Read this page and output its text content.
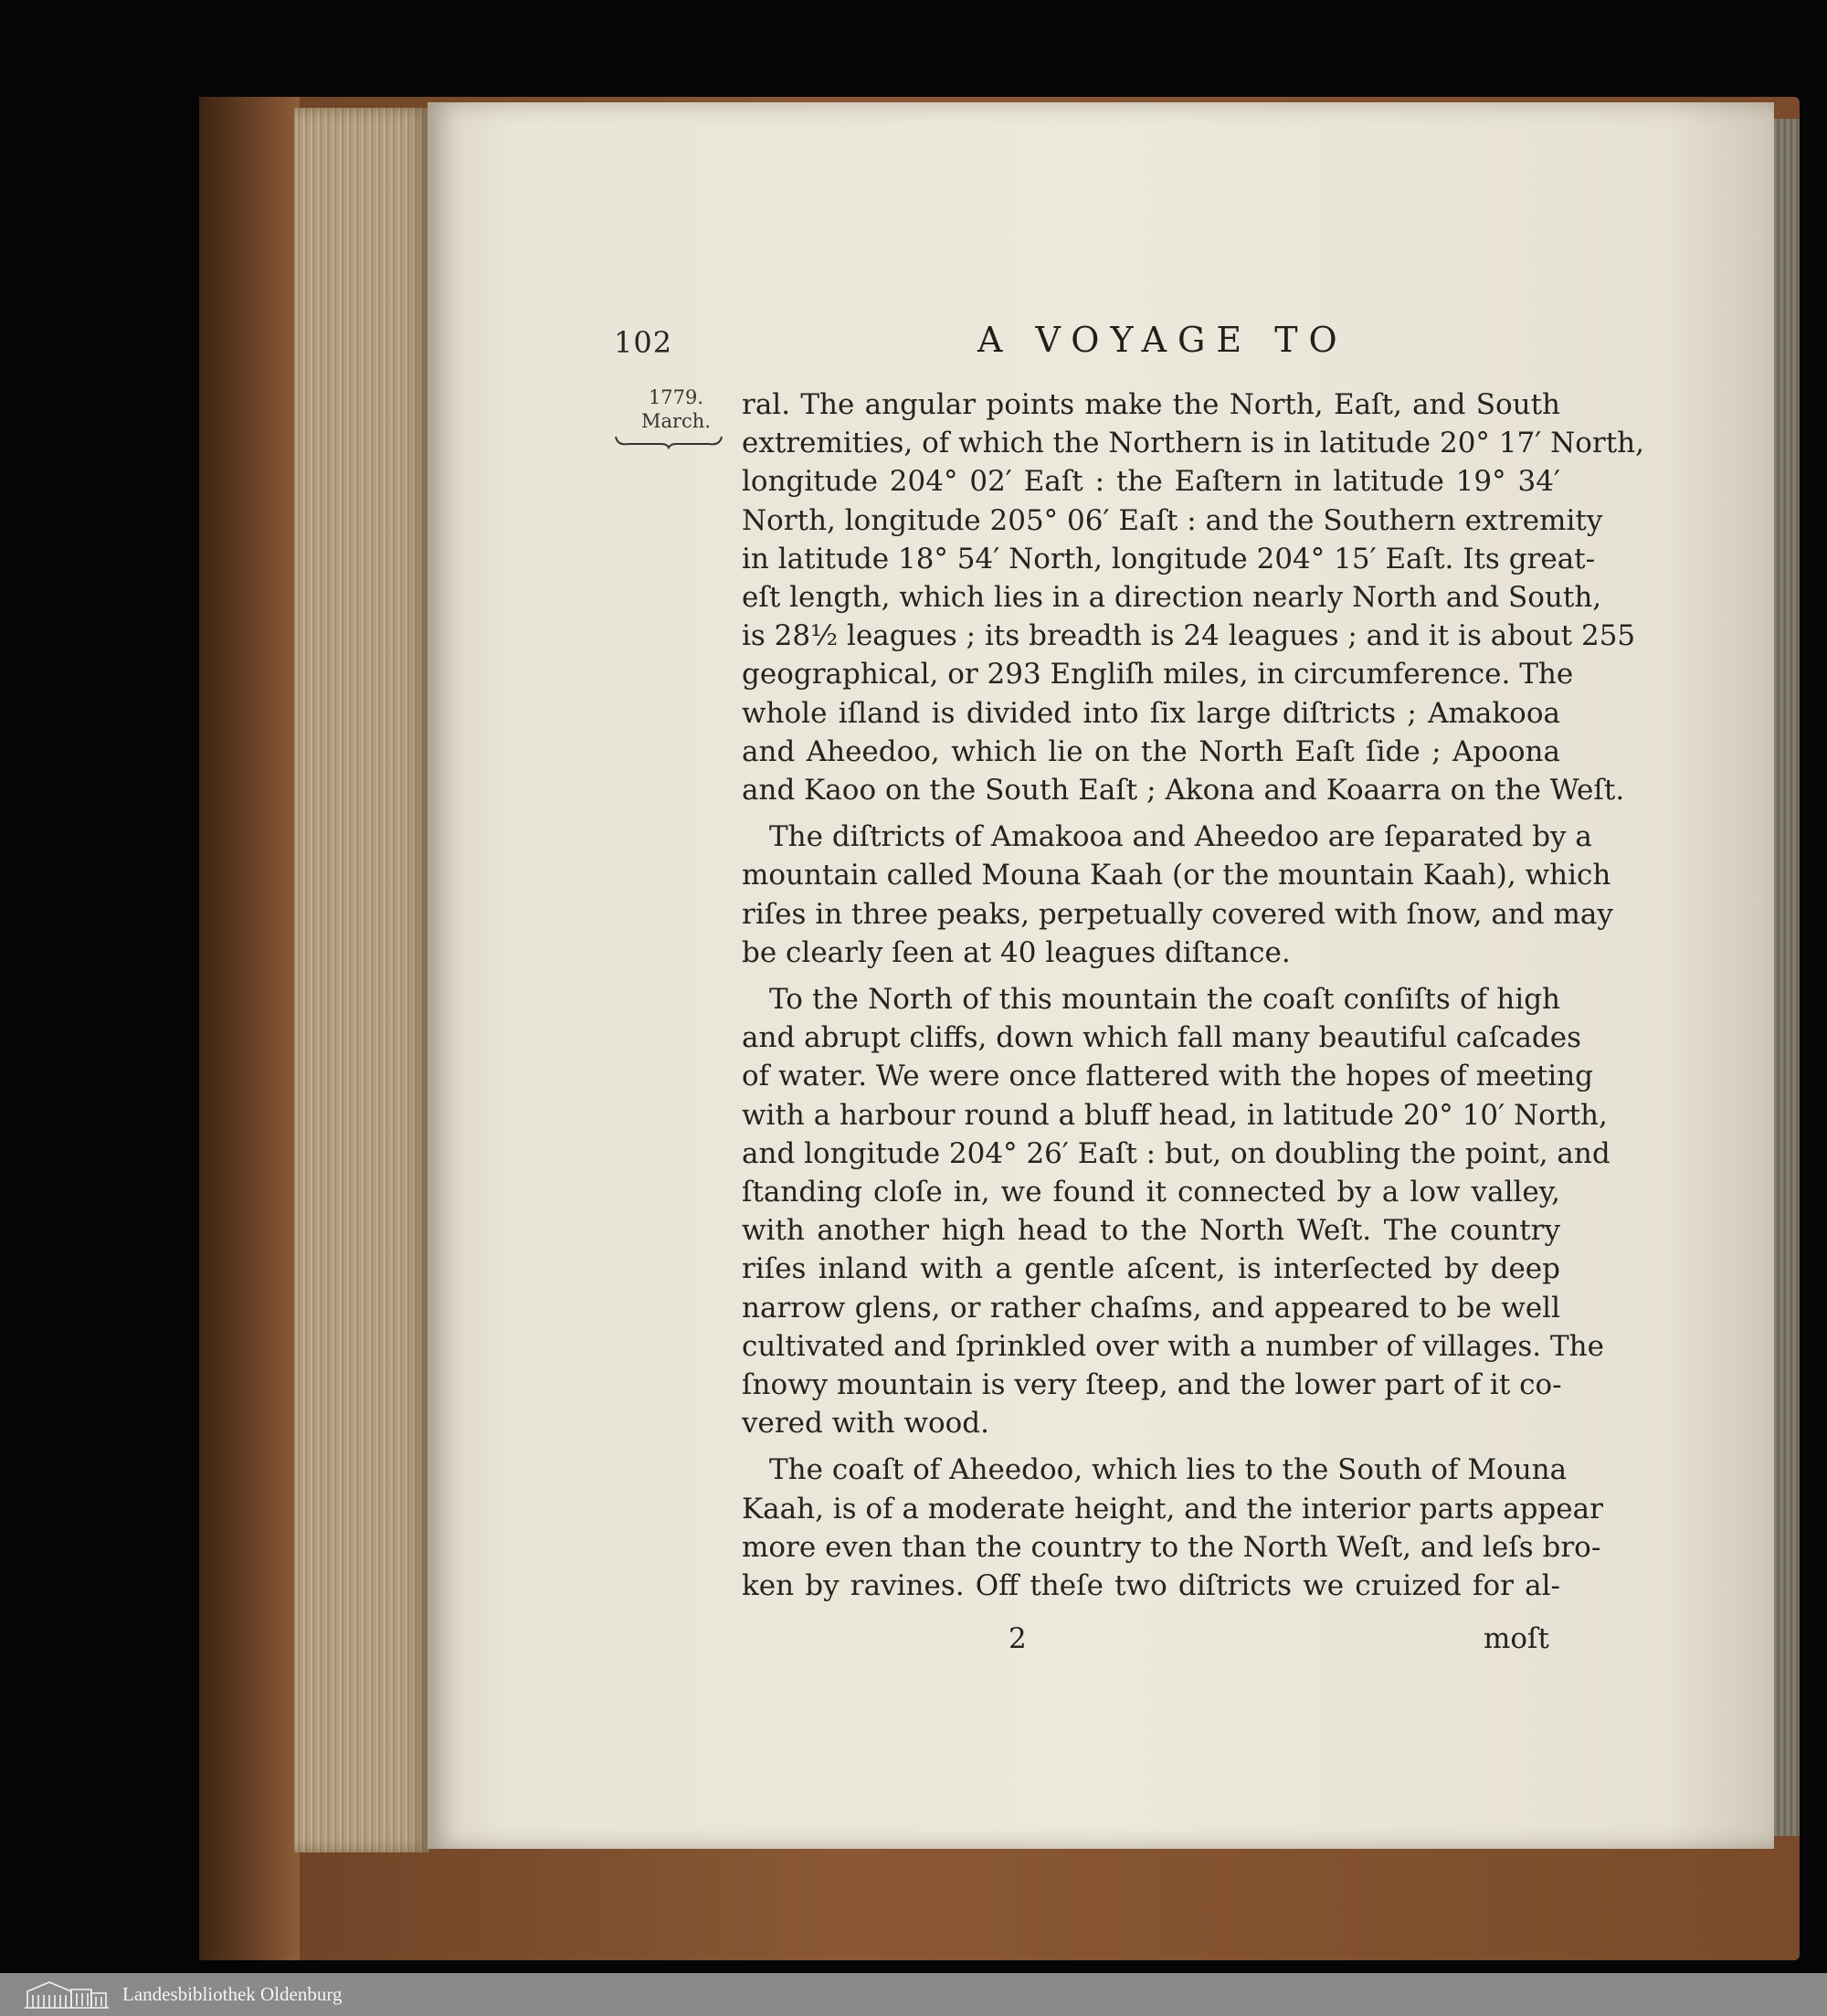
102	A VOYAGE TO
1779.
March. ral. The angular points make the North, Eaſt, and South
extremities, of which the Northern is in latitude 20° 17′ North,
longitude 204° 02′ Eaſt : the Eaſtern in latitude 19° 34′
North, longitude 205° 06′ Eaſt : and the Southern extremity
in latitude 18° 54′ North, longitude 204° 15′ Eaſt. Its great-
eſt length, which lies in a direction nearly North and South,
is 28½ leagues ; its breadth is 24 leagues ; and it is about 255
geographical, or 293 Engliſh miles, in circumference. The
whole iſland is divided into ſix large diſtricts ; Amakooa
and Aheedoo, which lie on the North Eaſt ſide ; Apoona
and Kaoo on the South Eaſt ; Akona and Koaarra on the Weſt.
The diſtricts of Amakooa and Aheedoo are ſeparated by a
mountain called Mouna Kaah (or the mountain Kaah), which
riſes in three peaks, perpetually covered with ſnow, and may
be clearly ſeen at 40 leagues diſtance.
To the North of this mountain the coaſt conſiſts of high
and abrupt cliffs, down which fall many beautiful caſcades
of water. We were once flattered with the hopes of meeting
with a harbour round a bluff head, in latitude 20° 10′ North,
and longitude 204° 26′ Eaſt : but, on doubling the point, and
ſtanding cloſe in, we found it connected by a low valley,
with another high head to the North Weſt. The country
riſes inland with a gentle aſcent, is interſected by deep
narrow glens, or rather chaſms, and appeared to be well
cultivated and ſprinkled over with a number of villages. The
ſnowy mountain is very ſteep, and the lower part of it co-
vered with wood.
The coaſt of Aheedoo, which lies to the South of Mouna
Kaah, is of a moderate height, and the interior parts appear
more even than the country to the North Weſt, and leſs bro-
ken by ravines. Off theſe two diſtricts we cruized for al-
2	moſt
Landesbibliothek Oldenburg
